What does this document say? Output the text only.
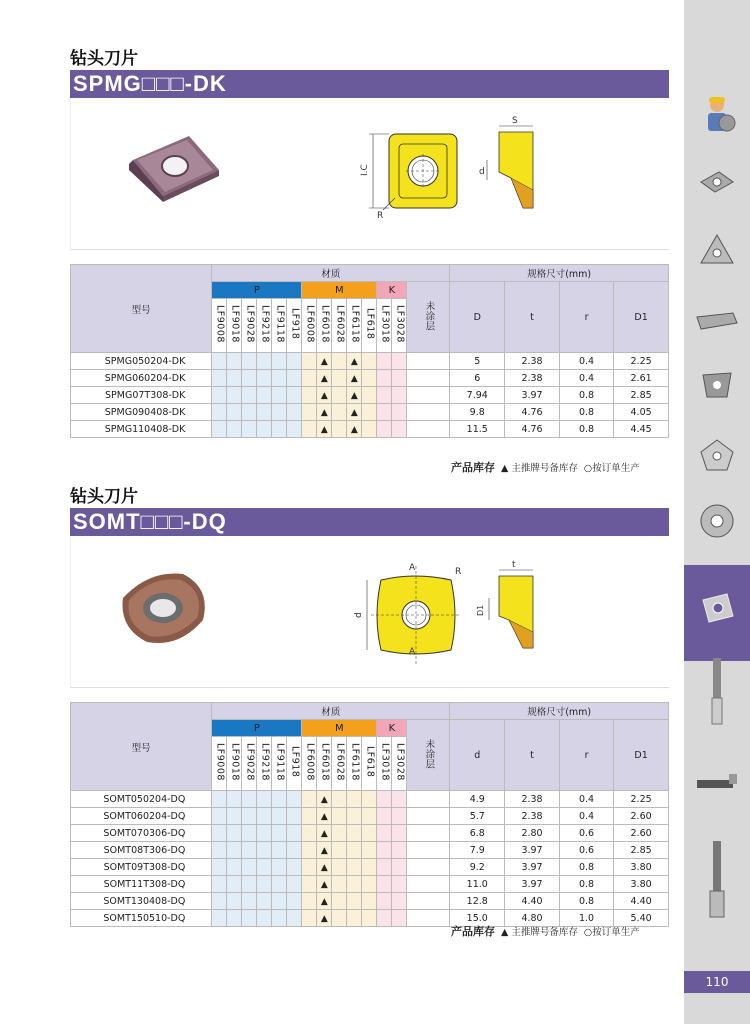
110
钻头刀片
SPMG□□□-DK
I.C
R
S
d
型号	材质														规格尺寸(mm)			
	P						M					K		未涂层	D	t	r	D1
	LF9008	LF9018	LF9028	LF9218	LF9118	LF918	LF6008	LF6018	LF6028	LF6118	LF618	LF3018	LF3028					
SPMG050204-DK								▲		▲					5	2.38	0.4	2.25
SPMG060204-DK								▲		▲					6	2.38	0.4	2.61
SPMG07T308-DK								▲		▲					7.94	3.97	0.8	2.85
SPMG090408-DK								▲		▲					9.8	4.76	0.8	4.05
SPMG110408-DK								▲		▲					11.5	4.76	0.8	4.45
产品库存 ▲ 主推牌号备库存 ○按订单生产
钻头刀片
SOMT□□□-DQ
A
A
R
d
t
D1
型号	材质														规格尺寸(mm)			
	P						M					K		未涂层	d	t	r	D1
	LF9008	LF9018	LF9028	LF9218	LF9118	LF918	LF6008	LF6018	LF6028	LF6118	LF618	LF3018	LF3028					
SOMT050204-DQ								▲							4.9	2.38	0.4	2.25
SOMT060204-DQ								▲							5.7	2.38	0.4	2.60
SOMT070306-DQ								▲							6.8	2.80	0.6	2.60
SOMT08T306-DQ								▲							7.9	3.97	0.6	2.85
SOMT09T308-DQ								▲							9.2	3.97	0.8	3.80
SOMT11T308-DQ								▲							11.0	3.97	0.8	3.80
SOMT130408-DQ								▲							12.8	4.40	0.8	4.40
SOMT150510-DQ								▲							15.0	4.80	1.0	5.40
产品库存 ▲ 主推牌号备库存 ○按订单生产
